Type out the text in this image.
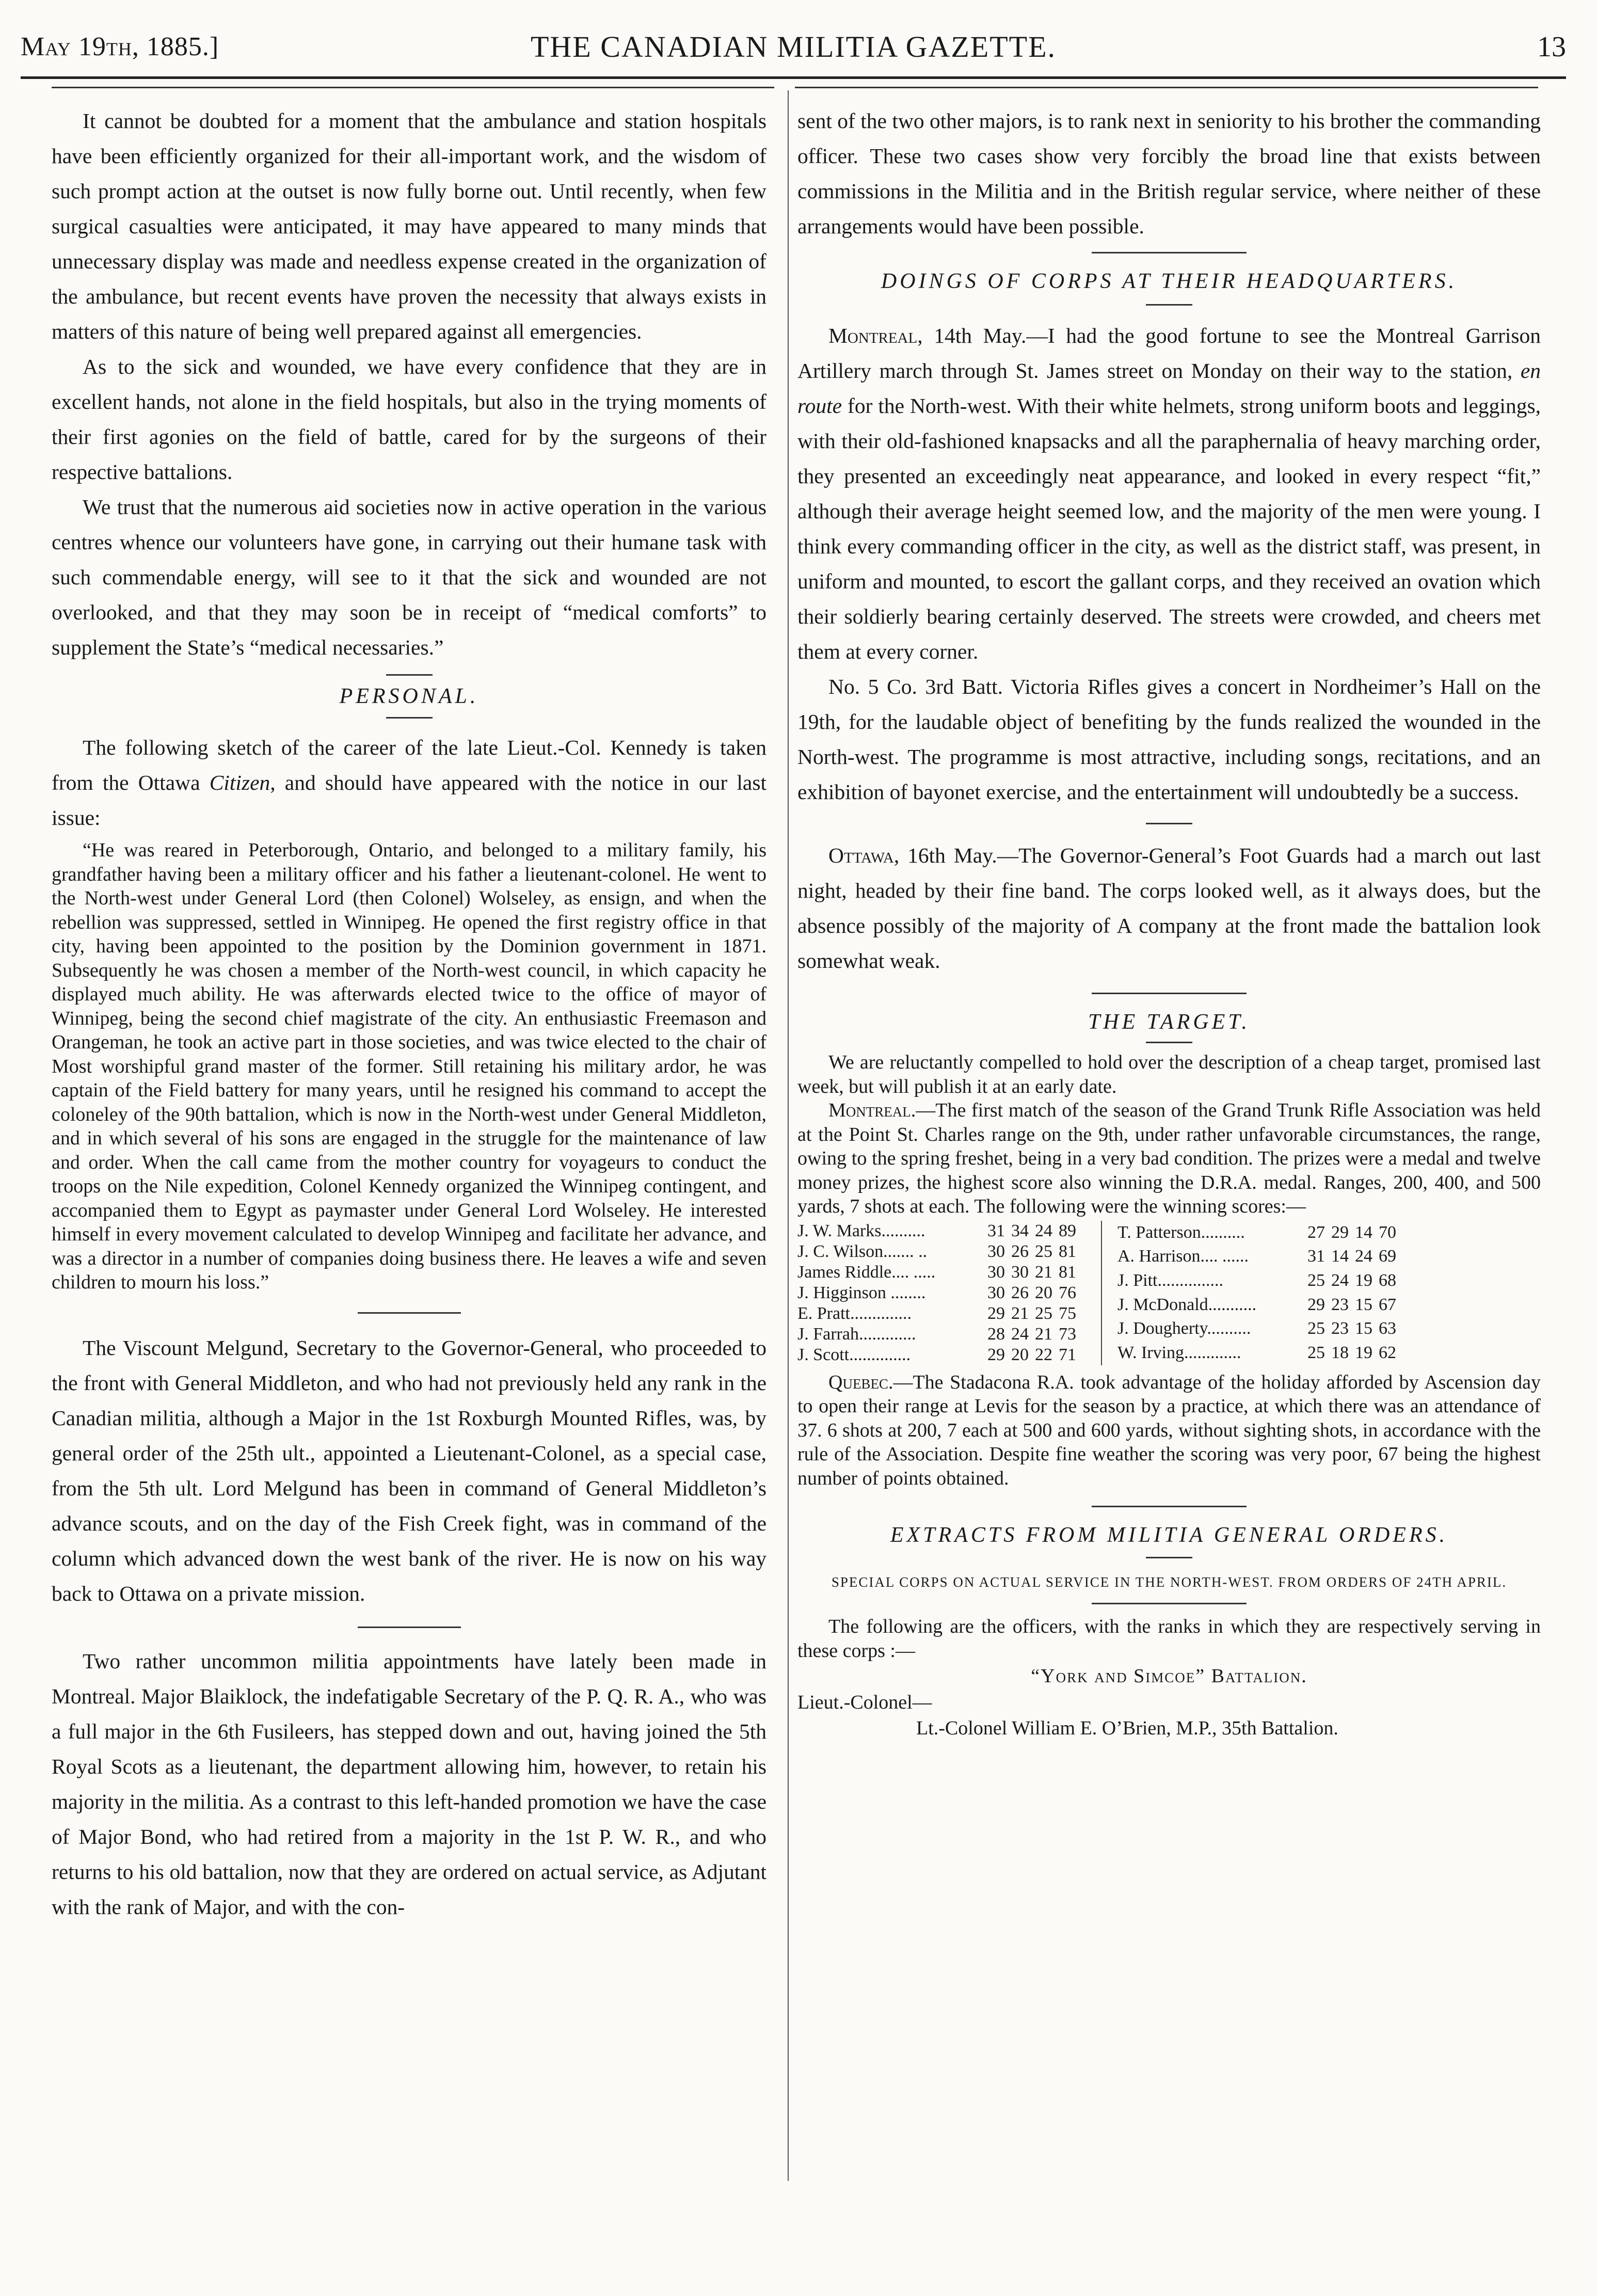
May 19th, 1885.]	THE CANADIAN MILITIA GAZETTE.	13

It cannot be doubted for a moment that the ambulance and station hospitals have been efficiently organized for their all-important work, and the wisdom of such prompt action at the outset is now fully borne out. Until recently, when few surgical casualties were anticipated, it may have appeared to many minds that unnecessary display was made and needless expense created in the organization of the ambulance, but recent events have proven the necessity that always exists in matters of this nature of being well prepared against all emergencies.

As to the sick and wounded, we have every confidence that they are in excellent hands, not alone in the field hospitals, but also in the trying moments of their first agonies on the field of battle, cared for by the surgeons of their respective battalions.

We trust that the numerous aid societies now in active operation in the various centres whence our volunteers have gone, in carrying out their humane task with such commendable energy, will see to it that the sick and wounded are not overlooked, and that they may soon be in receipt of “medical comforts” to supplement the State’s “medical necessaries.”

PERSONAL.

The following sketch of the career of the late Lieut.-Col. Kennedy is taken from the Ottawa Citizen, and should have appeared with the notice in our last issue:

“He was reared in Peterborough, Ontario, and belonged to a military family, his grandfather having been a military officer and his father a lieutenant-colonel. He went to the North-west under General Lord (then Colonel) Wolseley, as ensign, and when the rebellion was suppressed, settled in Winnipeg. He opened the first registry office in that city, having been appointed to the position by the Dominion government in 1871. Subsequently he was chosen a member of the North-west council, in which capacity he displayed much ability. He was afterwards elected twice to the office of mayor of Winnipeg, being the second chief magistrate of the city. An enthusiastic Freemason and Orangeman, he took an active part in those societies, and was twice elected to the chair of Most worshipful grand master of the former. Still retaining his military ardor, he was captain of the Field battery for many years, until he resigned his command to accept the coloneley of the 90th battalion, which is now in the North-west under General Middleton, and in which several of his sons are engaged in the struggle for the maintenance of law and order. When the call came from the mother country for voyageurs to conduct the troops on the Nile expedition, Colonel Kennedy organized the Winnipeg contingent, and accompanied them to Egypt as paymaster under General Lord Wolseley. He interested himself in every movement calculated to develop Winnipeg and facilitate her advance, and was a director in a number of companies doing business there. He leaves a wife and seven children to mourn his loss.”

The Viscount Melgund, Secretary to the Governor-General, who proceeded to the front with General Middleton, and who had not previously held any rank in the Canadian militia, although a Major in the 1st Roxburgh Mounted Rifles, was, by general order of the 25th ult., appointed a Lieutenant-Colonel, as a special case, from the 5th ult. Lord Melgund has been in command of General Middleton’s advance scouts, and on the day of the Fish Creek fight, was in command of the column which advanced down the west bank of the river. He is now on his way back to Ottawa on a private mission.

Two rather uncommon militia appointments have lately been made in Montreal. Major Blaiklock, the indefatigable Secretary of the P. Q. R. A., who was a full major in the 6th Fusileers, has stepped down and out, having joined the 5th Royal Scots as a lieutenant, the department allowing him, however, to retain his majority in the militia. As a contrast to this left-handed promotion we have the case of Major Bond, who had retired from a majority in the 1st P. W. R., and who returns to his old battalion, now that they are ordered on actual service, as Adjutant with the rank of Major, and with the con-

sent of the two other majors, is to rank next in seniority to his brother the commanding officer. These two cases show very forcibly the broad line that exists between commissions in the Militia and in the British regular service, where neither of these arrangements would have been possible.

DOINGS OF CORPS AT THEIR HEADQUARTERS.

Montreal, 14th May.—I had the good fortune to see the Montreal Garrison Artillery march through St. James street on Monday on their way to the station, en route for the North-west. With their white helmets, strong uniform boots and leggings, with their old-fashioned knapsacks and all the paraphernalia of heavy marching order, they presented an exceedingly neat appearance, and looked in every respect “fit,” although their average height seemed low, and the majority of the men were young. I think every commanding officer in the city, as well as the district staff, was present, in uniform and mounted, to escort the gallant corps, and they received an ovation which their soldierly bearing certainly deserved. The streets were crowded, and cheers met them at every corner.

No. 5 Co. 3rd Batt. Victoria Rifles gives a concert in Nordheimer’s Hall on the 19th, for the laudable object of benefiting by the funds realized the wounded in the North-west. The programme is most attractive, including songs, recitations, and an exhibition of bayonet exercise, and the entertainment will undoubtedly be a success.

Ottawa, 16th May.—The Governor-General’s Foot Guards had a march out last night, headed by their fine band. The corps looked well, as it always does, but the absence possibly of the majority of A company at the front made the battalion look somewhat weak.

THE TARGET.

We are reluctantly compelled to hold over the description of a cheap target, promised last week, but will publish it at an early date.

Montreal.—The first match of the season of the Grand Trunk Rifle Association was held at the Point St. Charles range on the 9th, under rather unfavorable circumstances, the range, owing to the spring freshet, being in a very bad condition. The prizes were a medal and twelve money prizes, the highest score also winning the D.R.A. medal. Ranges, 200, 400, and 500 yards, 7 shots at each. The following were the winning scores:—

J. W. Marks..........	31	34	24	89
J. C. Wilson....... ..	30	26	25	81
James Riddle.... .....	30	30	21	81
J. Higginson ........	30	26	20	76
E. Pratt..............	29	21	25	75
J. Farrah.............	28	24	21	73
J. Scott..............	29	20	22	71
T. Patterson..........	27	29	14	70
A. Harrison.... ......	31	14	24	69
J. Pitt...............	25	24	19	68
J. McDonald...........	29	23	15	67
J. Dougherty..........	25	23	15	63
W. Irving.............	25	18	19	62

Quebec.—The Stadacona R.A. took advantage of the holiday afforded by Ascension day to open their range at Levis for the season by a practice, at which there was an attendance of 37. 6 shots at 200, 7 each at 500 and 600 yards, without sighting shots, in accordance with the rule of the Association. Despite fine weather the scoring was very poor, 67 being the highest number of points obtained.

EXTRACTS FROM MILITIA GENERAL ORDERS.

SPECIAL CORPS ON ACTUAL SERVICE IN THE NORTH-WEST. FROM ORDERS OF 24TH APRIL.

The following are the officers, with the ranks in which they are respectively serving in these corps :—

“York and Simcoe” Battalion.

Lieut.-Colonel—

Lt.-Colonel William E. O’Brien, M.P., 35th Battalion.
